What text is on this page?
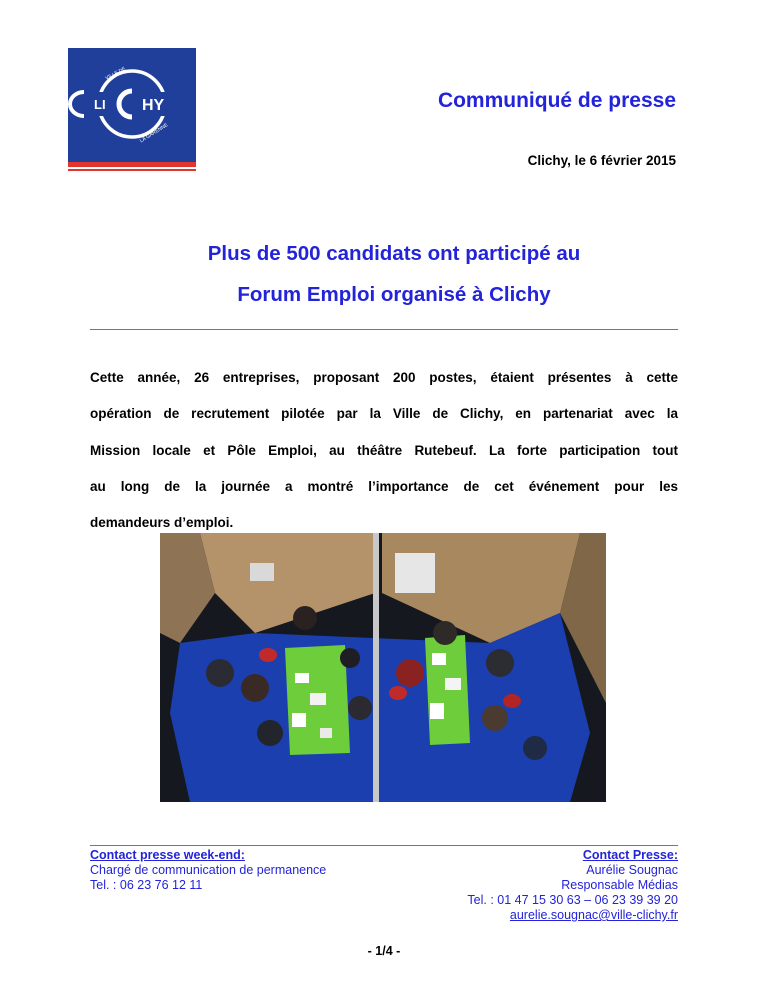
LI HY
VILLE DE
LA GARENNE
CLICHY
Communiqué de presse
Clichy, le 6 février 2015
Plus de 500 candidats ont participé au
Forum Emploi organisé à Clichy
Cette année, 26 entreprises, proposant 200 postes, étaient présentes à cette
opération de recrutement pilotée par la Ville de Clichy, en partenariat avec la
Mission locale et Pôle Emploi, au théâtre Rutebeuf. La forte participation tout
au long de la journée a montré l’importance de cet événement pour les
demandeurs d’emploi.
Contact presse week-end:
Chargé de communication de permanence
Tel. : 06 23 76 12 11
Contact Presse:
Aurélie Sougnac
Responsable Médias
Tel. : 01 47 15 30 63 – 06 23 39 39 20
aurelie.sougnac@ville-clichy.fr
- 1/4 -
